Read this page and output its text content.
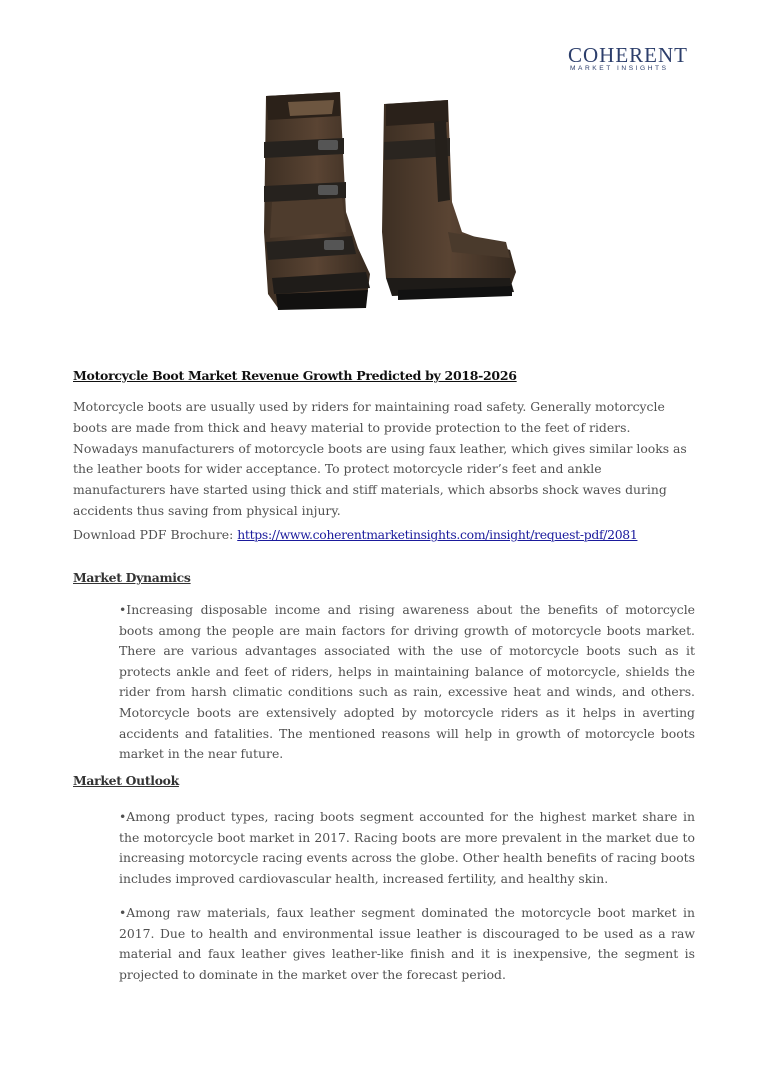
COHERENT
MARKET INSIGHTS
Motorcycle Boot Market Revenue Growth Predicted by 2018-2026

Motorcycle boots are usually used by riders for maintaining road safety. Generally motorcycle boots are made from thick and heavy material to provide protection to the feet of riders. Nowadays manufacturers of motorcycle boots are using faux leather, which gives similar looks as the leather boots for wider acceptance. To protect motorcycle rider’s feet and ankle manufacturers have started using thick and stiff materials, which absorbs shock waves during accidents thus saving from physical injury.

Download PDF Brochure: https://www.coherentmarketinsights.com/insight/request-pdf/2081
Market Dynamics

•Increasing disposable income and rising awareness about the benefits of motorcycle boots among the people are main factors for driving growth of motorcycle boots market. There are various advantages associated with the use of motorcycle boots such as it protects ankle and feet of riders, helps in maintaining balance of motorcycle, shields the rider from harsh climatic conditions such as rain, excessive heat and winds, and others. Motorcycle boots are extensively adopted by motorcycle riders as it helps in averting accidents and fatalities. The mentioned reasons will help in growth of motorcycle boots market in the near future.

Market Outlook

•Among product types, racing boots segment accounted for the highest market share in the motorcycle boot market in 2017. Racing boots are more prevalent in the market due to increasing motorcycle racing events across the globe. Other health benefits of racing boots includes improved cardiovascular health, increased fertility, and healthy skin.

•Among raw materials, faux leather segment dominated the motorcycle boot market in 2017. Due to health and environmental issue leather is discouraged to be used as a raw material and faux leather gives leather-like finish and it is inexpensive, the segment is projected to dominate in the market over the forecast period.
